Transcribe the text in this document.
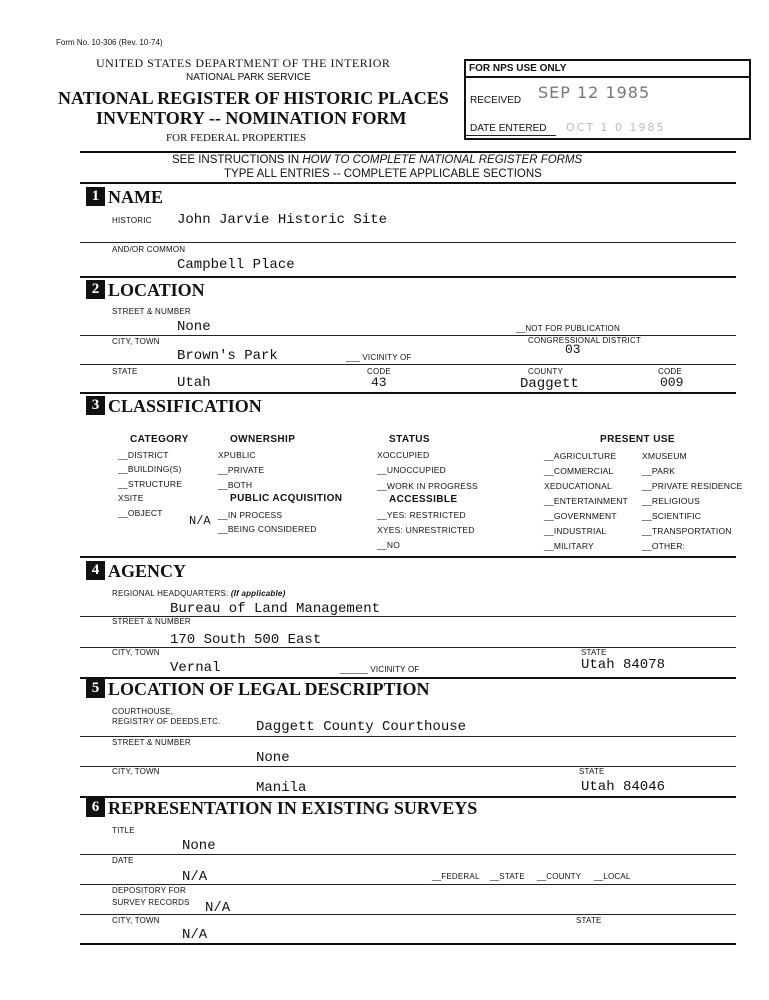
Form No. 10-306 (Rev. 10-74)
UNITED STATES DEPARTMENT OF THE INTERIOR
NATIONAL PARK SERVICE
NATIONAL REGISTER OF HISTORIC PLACES
INVENTORY -- NOMINATION FORM
FOR FEDERAL PROPERTIES
FOR NPS USE ONLY
RECEIVED SEP 12 1985
DATE ENTERED OCT 1 0 1985
SEE INSTRUCTIONS IN HOW TO COMPLETE NATIONAL REGISTER FORMS
TYPE ALL ENTRIES -- COMPLETE APPLICABLE SECTIONS
1 NAME
HISTORIC John Jarvie Historic Site
AND/OR COMMON
Campbell Place
2 LOCATION
STREET & NUMBER
None	__NOT FOR PUBLICATION
CITY, TOWN	CONGRESSIONAL DISTRICT
03
Brown's Park	___ VICINITY OF
STATE	CODE	COUNTY	CODE
Utah	43	Daggett	009
3 CLASSIFICATION
CATEGORY	OWNERSHIP	STATUS	PRESENT USE
__DISTRICT
__BUILDING(S)
__STRUCTURE
XSITE
__OBJECT
XPUBLIC
__PRIVATE
__BOTH
PUBLIC ACQUISITION
__IN PROCESS
__BEING CONSIDERED
N/A
XOCCUPIED
__UNOCCUPIED
__WORK IN PROGRESS
ACCESSIBLE
__YES: RESTRICTED
XYES: UNRESTRICTED
__NO
__AGRICULTURE
__COMMERCIAL
XEDUCATIONAL
__ENTERTAINMENT
__GOVERNMENT
__INDUSTRIAL
__MILITARY
XMUSEUM
__PARK
__PRIVATE RESIDENCE
__RELIGIOUS
__SCIENTIFIC
__TRANSPORTATION
__OTHER:
4 AGENCY
REGIONAL HEADQUARTERS: (If applicable)
Bureau of Land Management
STREET & NUMBER
170 South 500 East
CITY, TOWN	STATE
Vernal	______ VICINITY OF	Utah 84078
5 LOCATION OF LEGAL DESCRIPTION
COURTHOUSE,
REGISTRY OF DEEDS,ETC.	Daggett County Courthouse
STREET & NUMBER
None
CITY, TOWN	STATE
Manila	Utah 84046
6 REPRESENTATION IN EXISTING SURVEYS
TITLE
None
DATE
N/A	__FEDERAL __STATE __COUNTY __LOCAL
DEPOSITORY FOR
SURVEY RECORDS N/A
CITY, TOWN	STATE
N/A
